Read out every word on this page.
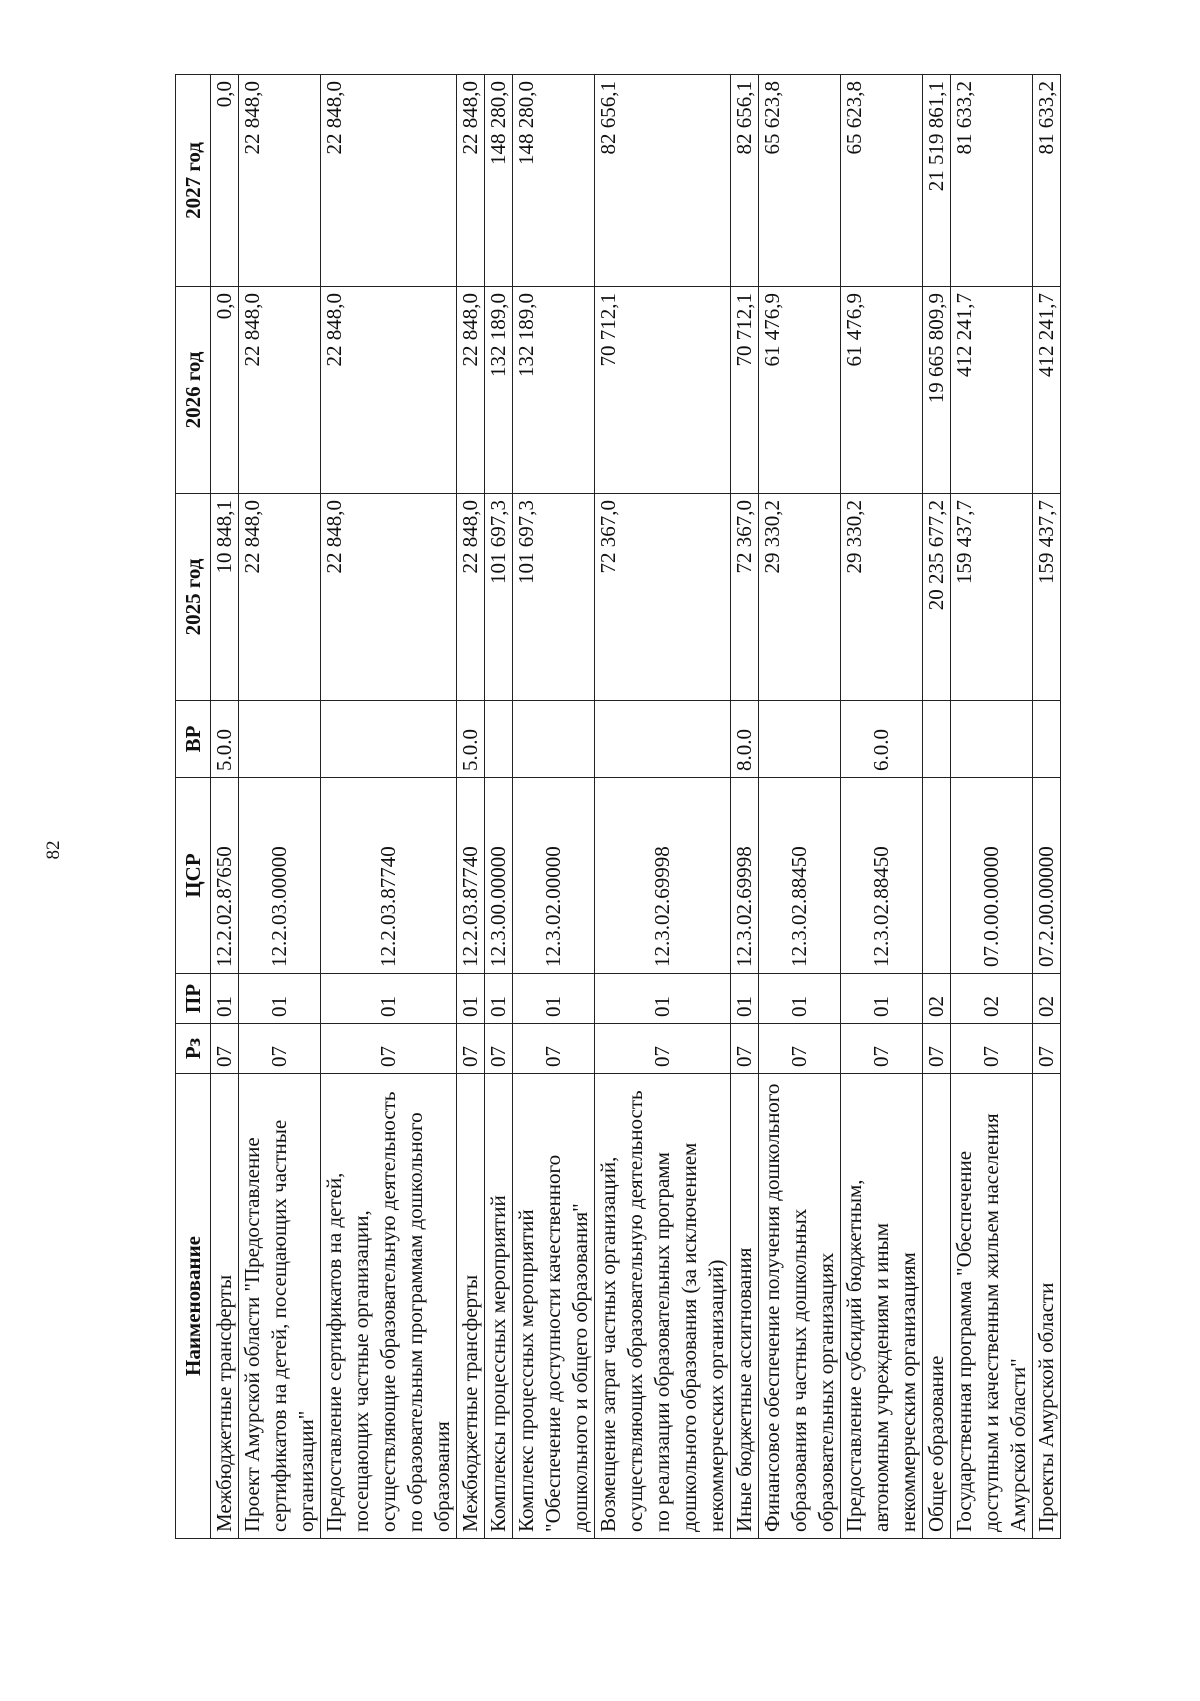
82
Наименование	Рз	ПР	ЦСР	ВР	2025 год	2026 год	2027 год
Межбюджетные трансферты	07	01	12.2.02.87650	5.0.0	10 848,1	0,0	0,0
Проект Амурской области "Предоставление сертификатов на детей, посещающих частные организации"	07	01	12.2.03.00000		22 848,0	22 848,0	22 848,0
Предоставление сертификатов на детей, посещающих частные организации, осуществляющие образовательную деятельность по образовательным программам дошкольного образования	07	01	12.2.03.87740		22 848,0	22 848,0	22 848,0
Межбюджетные трансферты	07	01	12.2.03.87740	5.0.0	22 848,0	22 848,0	22 848,0
Комплексы процессных мероприятий	07	01	12.3.00.00000		101 697,3	132 189,0	148 280,0
Комплекс процессных мероприятий "Обеспечение доступности качественного дошкольного и общего образования"	07	01	12.3.02.00000		101 697,3	132 189,0	148 280,0
Возмещение затрат частных организаций, осуществляющих образовательную деятельность по реализации образовательных программ дошкольного образования (за исключением некоммерческих организаций)	07	01	12.3.02.69998		72 367,0	70 712,1	82 656,1
Иные бюджетные ассигнования	07	01	12.3.02.69998	8.0.0	72 367,0	70 712,1	82 656,1
Финансовое обеспечение получения дошкольного образования в частных дошкольных образовательных организациях	07	01	12.3.02.88450		29 330,2	61 476,9	65 623,8
Предоставление субсидий бюджетным, автономным учреждениям и иным некоммерческим организациям	07	01	12.3.02.88450	6.0.0	29 330,2	61 476,9	65 623,8
Общее образование	07	02			20 235 677,2	19 665 809,9	21 519 861,1
Государственная программа "Обеспечение доступным и качественным жильем населения Амурской области"	07	02	07.0.00.00000		159 437,7	412 241,7	81 633,2
Проекты Амурской области	07	02	07.2.00.00000		159 437,7	412 241,7	81 633,2
